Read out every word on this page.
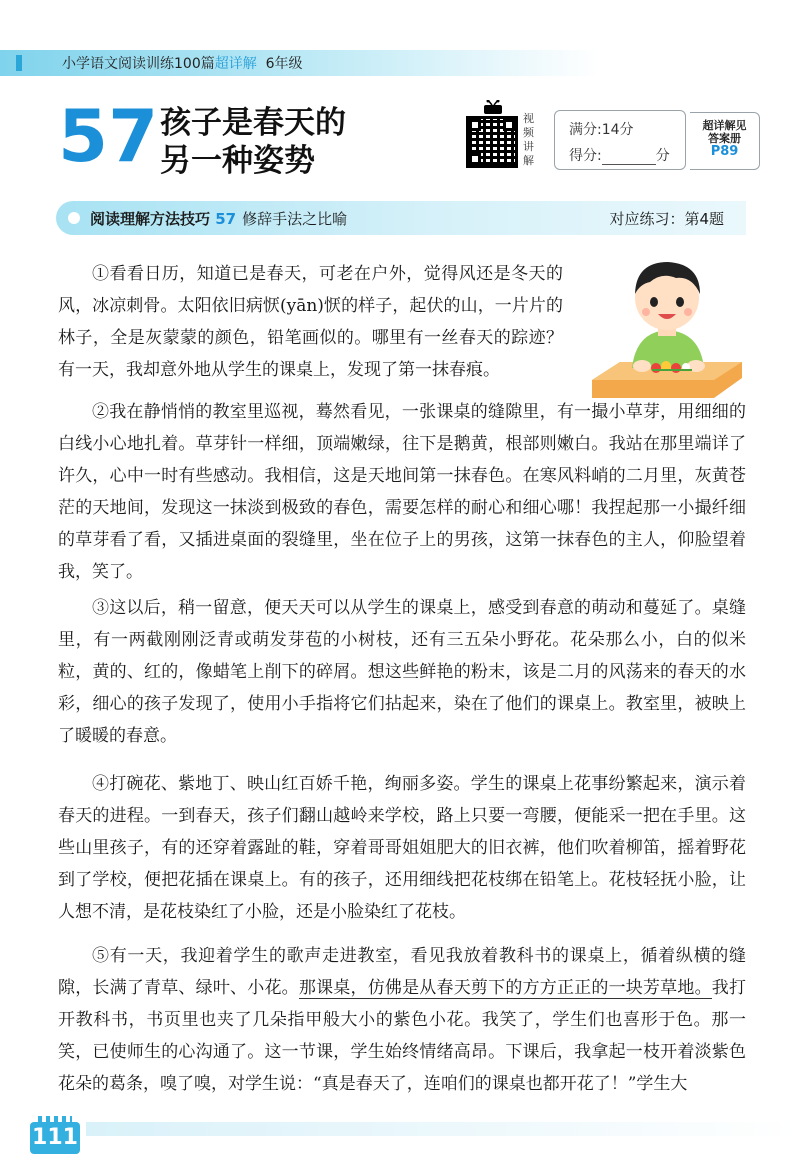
小学语文阅读训练100篇超详解 6年级
57 孩子是春天的
另一种姿势
视频讲解
满分:14分
得分:	分
超详解见
答案册
P89
阅读理解方法技巧 57 修辞手法之比喻	对应练习：第4题
①看看日历，知道已是春天，可老在户外，觉得风还是冬天的风，冰凉刺骨。太阳依旧病恹(yān)恹的样子，起伏的山，一片片的林子，全是灰蒙蒙的颜色，铅笔画似的。哪里有一丝春天的踪迹？有一天，我却意外地从学生的课桌上，发现了第一抹春痕。
②我在静悄悄的教室里巡视，蓦然看见，一张课桌的缝隙里，有一撮小草芽，用细细的白线小心地扎着。草芽针一样细，顶端嫩绿，往下是鹅黄，根部则嫩白。我站在那里端详了许久，心中一时有些感动。我相信，这是天地间第一抹春色。在寒风料峭的二月里，灰黄苍茫的天地间，发现这一抹淡到极致的春色，需要怎样的耐心和细心哪！我捏起那一小撮纤细的草芽看了看，又插进桌面的裂缝里，坐在位子上的男孩，这第一抹春色的主人，仰脸望着我，笑了。
③这以后，稍一留意，便天天可以从学生的课桌上，感受到春意的萌动和蔓延了。桌缝里，有一两截刚刚泛青或萌发芽苞的小树枝，还有三五朵小野花。花朵那么小，白的似米粒，黄的、红的，像蜡笔上削下的碎屑。想这些鲜艳的粉末，该是二月的风荡来的春天的水彩，细心的孩子发现了，使用小手指将它们拈起来，染在了他们的课桌上。教室里，被映上了暖暖的春意。
④打碗花、紫地丁、映山红百娇千艳，绚丽多姿。学生的课桌上花事纷繁起来，演示着春天的进程。一到春天，孩子们翻山越岭来学校，路上只要一弯腰，便能采一把在手里。这些山里孩子，有的还穿着露趾的鞋，穿着哥哥姐姐肥大的旧衣裤，他们吹着柳笛，摇着野花到了学校，便把花插在课桌上。有的孩子，还用细线把花枝绑在铅笔上。花枝轻抚小脸，让人想不清，是花枝染红了小脸，还是小脸染红了花枝。
⑤有一天，我迎着学生的歌声走进教室，看见我放着教科书的课桌上，循着纵横的缝隙，长满了青草、绿叶、小花。那课桌，仿佛是从春天剪下的方方正正的一块芳草地。我打开教科书，书页里也夹了几朵指甲般大小的紫色小花。我笑了，学生们也喜形于色。那一笑，已使师生的心沟通了。这一节课，学生始终情绪高昂。下课后，我拿起一枝开着淡紫色花朵的葛条，嗅了嗅，对学生说：“真是春天了，连咱们的课桌也都开花了！”学生大
111
